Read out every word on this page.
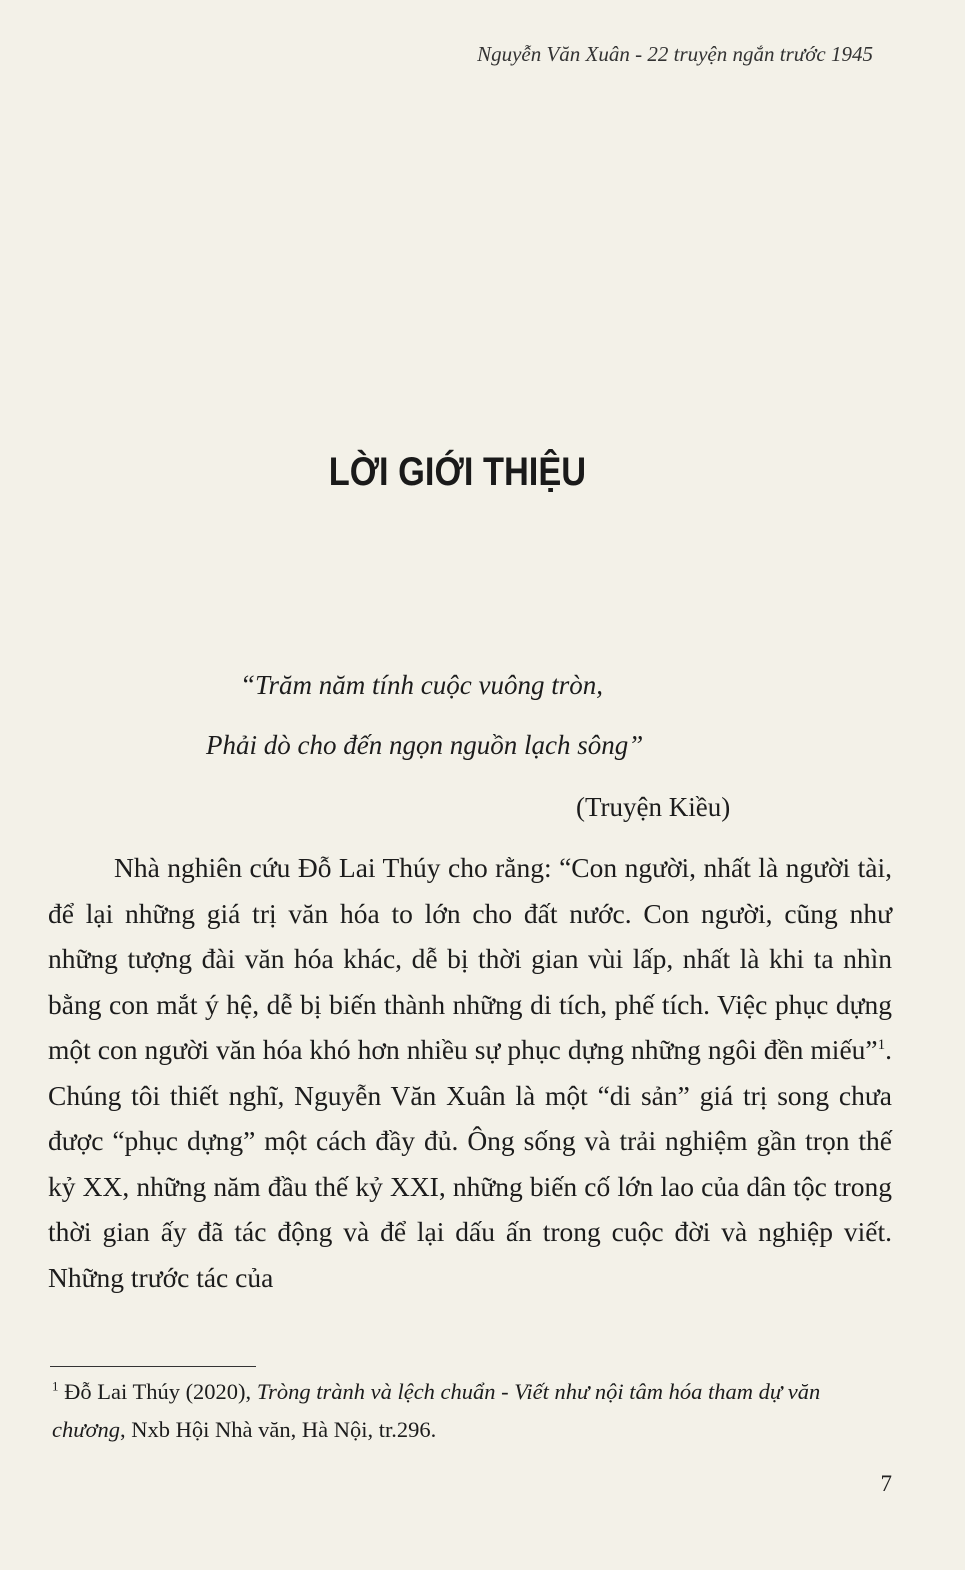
Nguyễn Văn Xuân - 22 truyện ngắn trước 1945
LỜI GIỚI THIỆU
“Trăm năm tính cuộc vuông tròn,
Phải dò cho đến ngọn nguồn lạch sông”
(Truyện Kiều)

Nhà nghiên cứu Đỗ Lai Thúy cho rằng: “Con người, nhất là người tài, để lại những giá trị văn hóa to lớn cho đất nước. Con người, cũng như những tượng đài văn hóa khác, dễ bị thời gian vùi lấp, nhất là khi ta nhìn bằng con mắt ý hệ, dễ bị biến thành những di tích, phế tích. Việc phục dựng một con người văn hóa khó hơn nhiều sự phục dựng những ngôi đền miếu”$^1$. Chúng tôi thiết nghĩ, Nguyễn Văn Xuân là một “di sản” giá trị song chưa được “phục dựng” một cách đầy đủ. Ông sống và trải nghiệm gần trọn thế kỷ XX, những năm đầu thế kỷ XXI, những biến cố lớn lao của dân tộc trong thời gian ấy đã tác động và để lại dấu ấn trong cuộc đời và nghiệp viết. Những trước tác của

$^1$ Đỗ Lai Thúy (2020), Tròng trành và lệch chuẩn - Viết như nội tâm hóa tham dự văn chương, Nxb Hội Nhà văn, Hà Nội, tr.296.

7
